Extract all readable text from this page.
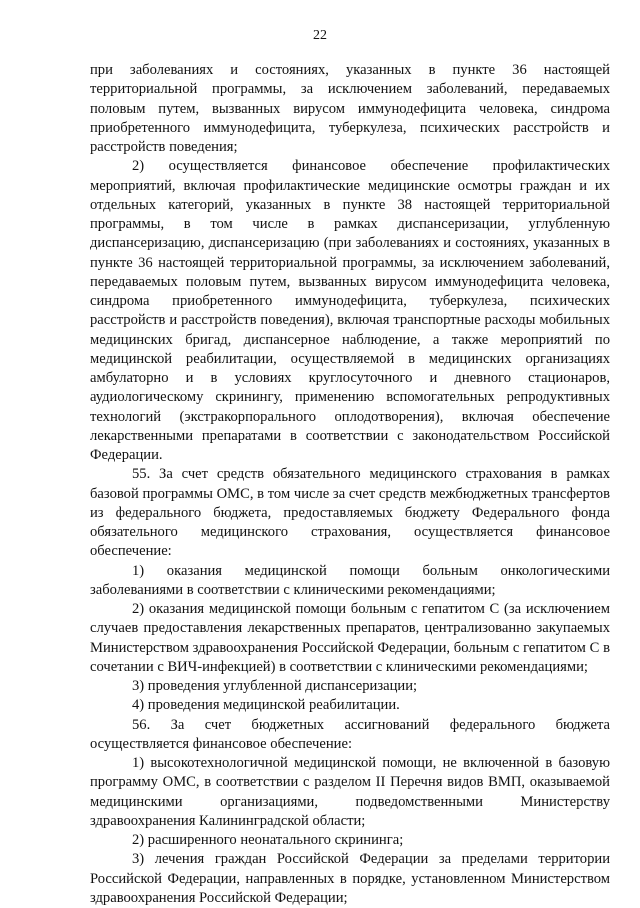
22

при заболеваниях и состояниях, указанных в пункте 36 настоящей территориальной программы, за исключением заболеваний, передаваемых половым путем, вызванных вирусом иммунодефицита человека, синдрома приобретенного иммунодефицита, туберкулеза, психических расстройств и расстройств поведения;

2) осуществляется финансовое обеспечение профилактических мероприятий, включая профилактические медицинские осмотры граждан и их отдельных категорий, указанных в пункте 38 настоящей территориальной программы, в том числе в рамках диспансеризации, углубленную диспансеризацию, диспансеризацию (при заболеваниях и состояниях, указанных в пункте 36 настоящей территориальной программы, за исключением заболеваний, передаваемых половым путем, вызванных вирусом иммунодефицита человека, синдрома приобретенного иммунодефицита, туберкулеза, психических расстройств и расстройств поведения), включая транспортные расходы мобильных медицинских бригад, диспансерное наблюдение, а также мероприятий по медицинской реабилитации, осуществляемой в медицинских организациях амбулаторно и в условиях круглосуточного и дневного стационаров, аудиологическому скринингу, применению вспомогательных репродуктивных технологий (экстракорпорального оплодотворения), включая обеспечение лекарственными препаратами в соответствии с законодательством Российской Федерации.

55. За счет средств обязательного медицинского страхования в рамках базовой программы ОМС, в том числе за счет средств межбюджетных трансфертов из федерального бюджета, предоставляемых бюджету Федерального фонда обязательного медицинского страхования, осуществляется финансовое обеспечение:

1) оказания медицинской помощи больным онкологическими заболеваниями в соответствии с клиническими рекомендациями;

2) оказания медицинской помощи больным с гепатитом С (за исключением случаев предоставления лекарственных препаратов, централизованно закупаемых Министерством здравоохранения Российской Федерации, больным с гепатитом С в сочетании с ВИЧ-инфекцией) в соответствии с клиническими рекомендациями;

3) проведения углубленной диспансеризации;

4) проведения медицинской реабилитации.

56. За счет бюджетных ассигнований федерального бюджета осуществляется финансовое обеспечение:

1) высокотехнологичной медицинской помощи, не включенной в базовую программу ОМС, в соответствии с разделом II Перечня видов ВМП, оказываемой медицинскими организациями, подведомственными Министерству здравоохранения Калининградской области;

2) расширенного неонатального скрининга;

3) лечения граждан Российской Федерации за пределами территории Российской Федерации, направленных в порядке, установленном Министерством здравоохранения Российской Федерации;
